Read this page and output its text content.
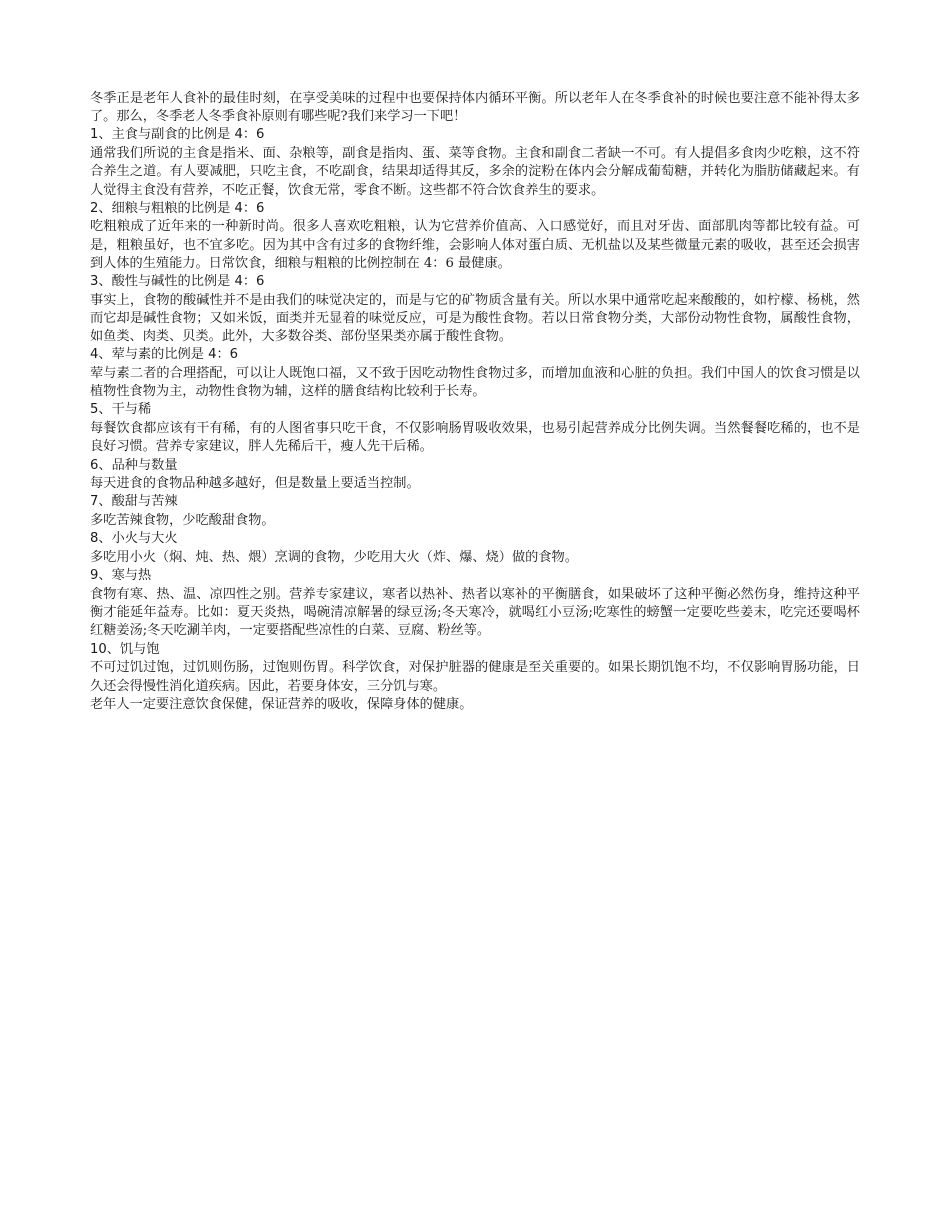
冬季正是老年人食补的最佳时刻，在享受美味的过程中也要保持体内循环平衡。所以老年人在冬季食补的时候也要注意不能补得太多了。那么，冬季老人冬季食补原则有哪些呢?我们来学习一下吧！

1、主食与副食的比例是 4：6

通常我们所说的主食是指米、面、杂粮等，副食是指肉、蛋、菜等食物。主食和副食二者缺一不可。有人提倡多食肉少吃粮，这不符合养生之道。有人要减肥，只吃主食，不吃副食，结果却适得其反，多余的淀粉在体内会分解成葡萄糖，并转化为脂肪储藏起来。有人觉得主食没有营养，不吃正餐，饮食无常，零食不断。这些都不符合饮食养生的要求。

2、细粮与粗粮的比例是 4：6

吃粗粮成了近年来的一种新时尚。很多人喜欢吃粗粮，认为它营养价值高、入口感觉好，而且对牙齿、面部肌肉等都比较有益。可是，粗粮虽好，也不宜多吃。因为其中含有过多的食物纤维，会影响人体对蛋白质、无机盐以及某些微量元素的吸收，甚至还会损害到人体的生殖能力。日常饮食，细粮与粗粮的比例控制在 4：6 最健康。

3、酸性与碱性的比例是 4：6

事实上，食物的酸碱性并不是由我们的味觉决定的，而是与它的矿物质含量有关。所以水果中通常吃起来酸酸的，如柠檬、杨桃，然而它却是碱性食物；又如米饭，面类并无显着的味觉反应，可是为酸性食物。若以日常食物分类，大部份动物性食物，属酸性食物，如鱼类、肉类、贝类。此外，大多数谷类、部份坚果类亦属于酸性食物。

4、荤与素的比例是 4：6

荤与素二者的合理搭配，可以让人既饱口福，又不致于因吃动物性食物过多，而增加血液和心脏的负担。我们中国人的饮食习惯是以植物性食物为主，动物性食物为辅，这样的膳食结构比较利于长寿。

5、干与稀

每餐饮食都应该有干有稀，有的人图省事只吃干食，不仅影响肠胃吸收效果，也易引起营养成分比例失调。当然餐餐吃稀的，也不是良好习惯。营养专家建议，胖人先稀后干，瘦人先干后稀。

6、品种与数量

每天进食的食物品种越多越好，但是数量上要适当控制。

7、酸甜与苦辣

多吃苦辣食物，少吃酸甜食物。

8、小火与大火

多吃用小火（焖、炖、热、煨）烹调的食物，少吃用大火（炸、爆、烧）做的食物。

9、寒与热

食物有寒、热、温、凉四性之别。营养专家建议，寒者以热补、热者以寒补的平衡膳食，如果破坏了这种平衡必然伤身，维持这种平衡才能延年益寿。比如：夏天炎热，喝碗清凉解暑的绿豆汤;冬天寒冷，就喝红小豆汤;吃寒性的螃蟹一定要吃些姜末，吃完还要喝杯红糖姜汤;冬天吃涮羊肉，一定要搭配些凉性的白菜、豆腐、粉丝等。

10、饥与饱

不可过饥过饱，过饥则伤肠，过饱则伤胃。科学饮食，对保护脏器的健康是至关重要的。如果长期饥饱不均，不仅影响胃肠功能，日久还会得慢性消化道疾病。因此，若要身体安，三分饥与寒。

老年人一定要注意饮食保健，保证营养的吸收，保障身体的健康。
